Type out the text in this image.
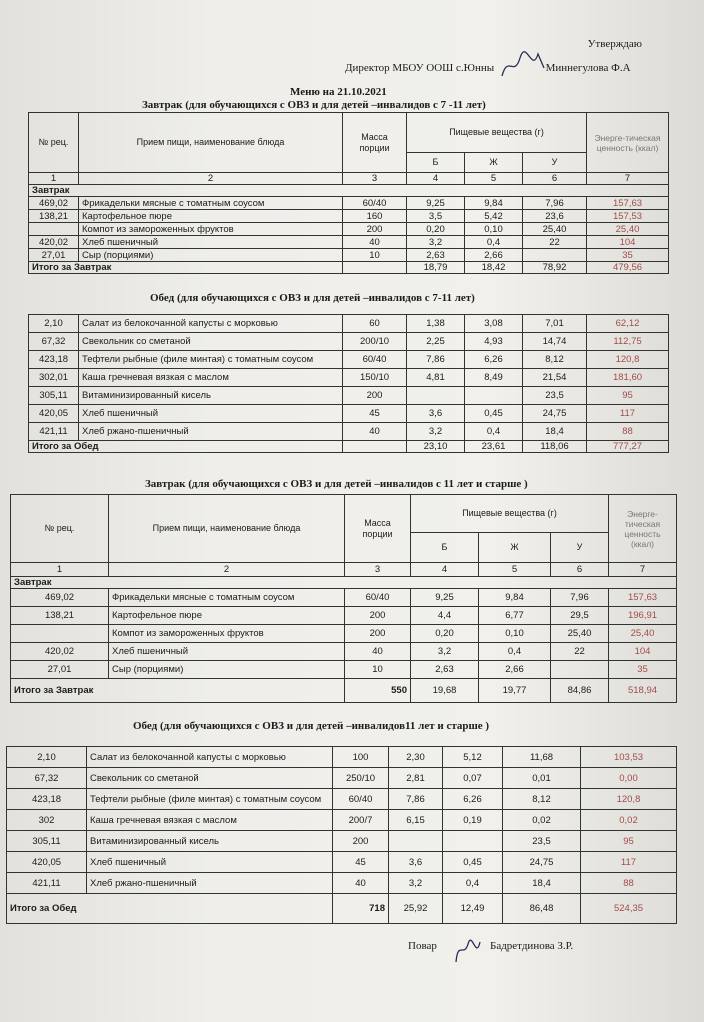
Утверждаю
Директор МБОУ ООШ с.Юнны	Миннегулова Ф.А
Меню на 21.10.2021
Завтрак (для обучающихся с ОВЗ и для детей –инвалидов с 7 -11 лет)
№ рец.	Прием пищи, наименование блюда	Масса порции	Пищевые вещества (г)			Энерге-тическая ценность (ккал)
			Б	Ж	У	
1	2	3	4	5	6	7
Завтрак						
469,02	Фрикадельки мясные с томатным соусом	60/40	9,25	9,84	7,96	157,63
138,21	Картофельное пюре	160	3,5	5,42	23,6	157,53
	Компот из замороженных фруктов	200	0,20	0,10	25,40	25,40
420,02	Хлеб пшеничный	40	3,2	0,4	22	104
27,01	Сыр (порциями)	10	2,63	2,66		35
Итого за Завтрак			18,79	18,42	78,92	479,56
Обед (для обучающихся с ОВЗ и для детей –инвалидов с 7-11 лет)
2,10	Салат из белокочанной капусты с морковью	60	1,38	3,08	7,01	62,12
67,32	Свекольник со сметаной	200/10	2,25	4,93	14,74	112,75
423,18	Тефтели рыбные (филе минтая) с томатным соусом	60/40	7,86	6,26	8,12	120,8
302,01	Каша гречневая вязкая с маслом	150/10	4,81	8,49	21,54	181,60
305,11	Витаминизированный кисель	200			23,5	95
420,05	Хлеб пшеничный	45	3,6	0,45	24,75	117
421,11	Хлеб ржано-пшеничный	40	3,2	0,4	18,4	88
Итого за Обед			23,10	23,61	118,06	777,27
Завтрак (для обучающихся с ОВЗ и для детей –инвалидов с 11 лет и старше )
№ рец.	Прием пищи, наименование блюда	Масса порции	Пищевые вещества (г)			Энерге-тическая ценность (ккал)
			Б	Ж	У	
1	2	3	4	5	6	7
Завтрак						
469,02	Фрикадельки мясные с томатным соусом	60/40	9,25	9,84	7,96	157,63
138,21	Картофельное пюре	200	4,4	6,77	29,5	196,91
	Компот из замороженных фруктов	200	0,20	0,10	25,40	25,40
420,02	Хлеб пшеничный	40	3,2	0,4	22	104
27,01	Сыр (порциями)	10	2,63	2,66		35
Итого за Завтрак		550	19,68	19,77	84,86	518,94
Обед (для обучающихся с ОВЗ и для детей –инвалидов11 лет и старше )
2,10	Салат из белокочанной капусты с морковью	100	2,30	5,12	11,68	103,53
67,32	Свекольник со сметаной	250/10	2,81	0,07	0,01	0,00
423,18	Тефтели рыбные (филе минтая) с томатным соусом	60/40	7,86	6,26	8,12	120,8
302	Каша гречневая вязкая с маслом	200/7	6,15	0,19	0,02	0,02
305,11	Витаминизированный кисель	200			23,5	95
420,05	Хлеб пшеничный	45	3,6	0,45	24,75	117
421,11	Хлеб ржано-пшеничный	40	3,2	0,4	18,4	88
Итого за Обед		718	25,92	12,49	86,48	524,35
Повар	Бадретдинова З.Р.
